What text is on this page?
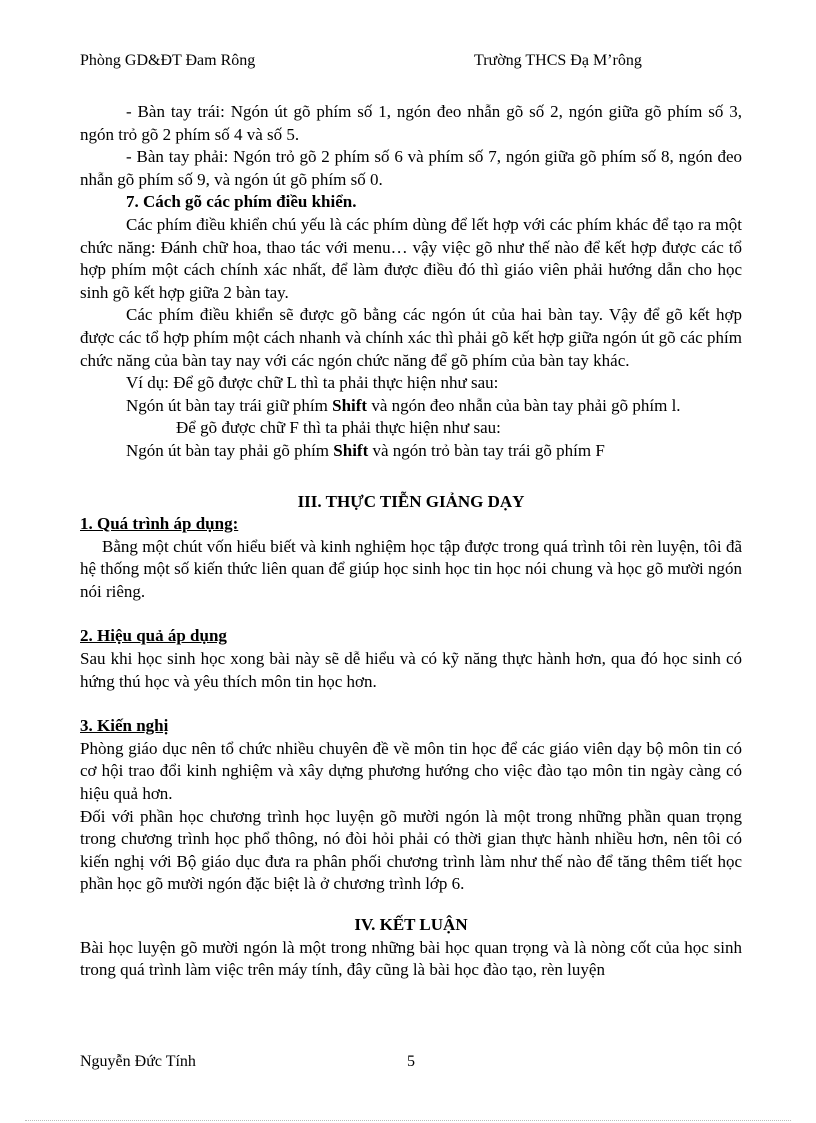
Phòng GD&ĐT Đam Rông	Trường THCS Đạ M’rông

- Bàn tay trái: Ngón út gõ phím số 1, ngón đeo nhẫn gõ số 2, ngón giữa gõ phím số 3, ngón trỏ gõ 2 phím số 4 và số 5.

- Bàn tay phải: Ngón trỏ gõ 2 phím số 6 và phím số 7, ngón giữa gõ phím số 8, ngón đeo nhẫn gõ phím số 9, và ngón út gõ phím số 0.

7. Cách gõ các phím điều khiển.

Các phím điều khiển chú yếu là các phím dùng để lết hợp với các phím khác để tạo ra một chức năng: Đánh chữ hoa, thao tác với menu… vậy việc gõ như thế nào để kết hợp được các tổ hợp phím một cách chính xác nhất, để làm được điều đó thì giáo viên phải hướng dẫn cho học sinh gõ kết hợp giữa 2 bàn tay.

Các phím điều khiển sẽ được gõ bằng các ngón út của hai bàn tay. Vậy để gõ kết hợp được các tổ hợp phím một cách nhanh và chính xác thì phải gõ kết hợp giữa ngón út gõ các phím chức năng của bàn tay nay với các ngón chức năng để gõ phím của bàn tay khác.

Ví dụ: Để gõ được chữ L thì ta phải thực hiện như sau:

Ngón út bàn tay trái giữ phím Shift và ngón đeo nhẫn của bàn tay phải gõ phím l.

Để gõ được chữ F thì ta phải thực hiện như sau:

Ngón út bàn tay phải gõ phím Shift và ngón trỏ bàn tay trái gõ phím F

III. THỰC TIỄN GIẢNG DẠY

1. Quá trình áp dụng:

Bằng một chút vốn hiểu biết và kinh nghiệm học tập được trong quá trình tôi rèn luyện, tôi đã hệ thống một số kiến thức liên quan để giúp học sinh học tin học nói chung và học gõ mười ngón nói riêng.

2. Hiệu quả áp dụng

Sau khi học sinh học xong bài này sẽ dễ hiểu và có kỹ năng thực hành hơn, qua đó học sinh có hứng thú học và yêu thích môn tin học hơn.

3. Kiến nghị

Phòng giáo dục nên tổ chức nhiều chuyên đề về môn tin học để các giáo viên dạy bộ môn tin có cơ hội trao đổi kinh nghiệm và xây dựng phương hướng cho việc đào tạo môn tin ngày càng có hiệu quả hơn.

Đối với phần học chương trình học luyện gõ mười ngón là một trong những phần quan trọng trong chương trình học phổ thông, nó đòi hỏi phải có thời gian thực hành nhiều hơn, nên tôi có kiến nghị với Bộ giáo dục đưa ra phân phối chương trình làm như thế nào để tăng thêm tiết học phần học gõ mười ngón đặc biệt là ở chương trình lớp 6.

IV. KẾT LUẬN

Bài học luyện gõ mười ngón là một trong những bài học quan trọng và là nòng cốt của học sinh trong quá trình làm việc trên máy tính, đây cũng là bài học đào tạo, rèn luyện

Nguyễn Đức Tính	5
